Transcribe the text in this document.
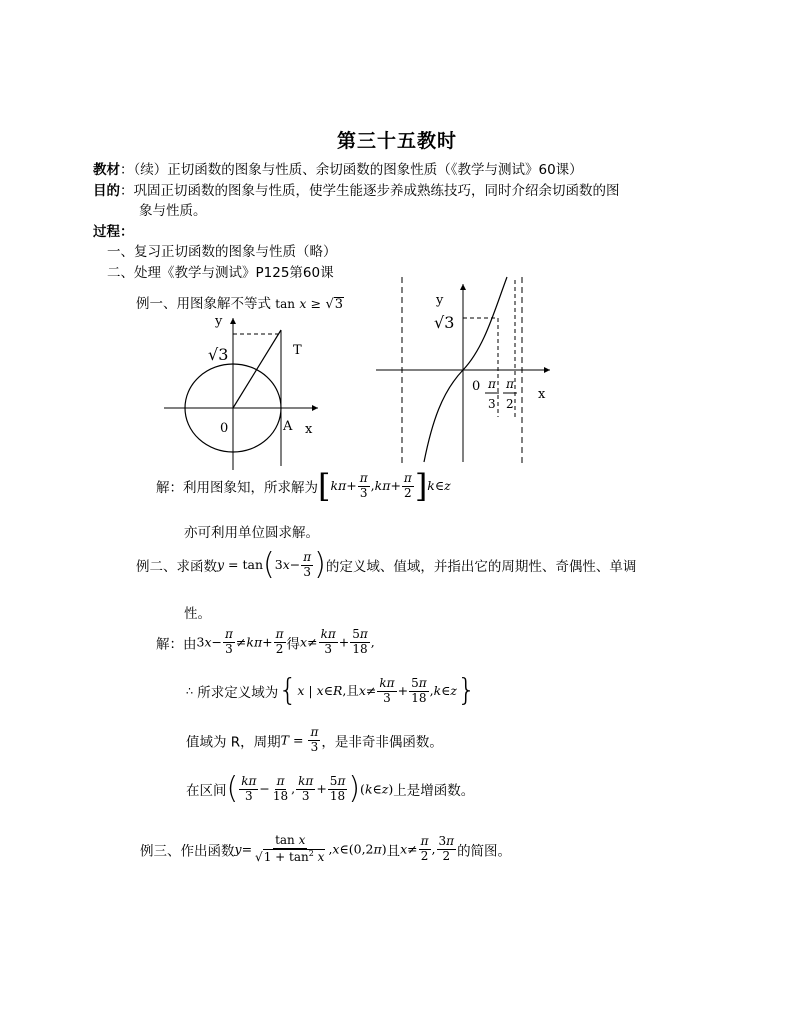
第三十五教时
教材：（续）正切函数的图象与性质、余切函数的图象性质（《教学与测试》60课）
目的：巩固正切函数的图象与性质，使学生能逐步养成熟练技巧，同时介绍余切函数的图
象与性质。
过程：
一、复习正切函数的图象与性质（略）
二、处理《教学与测试》P125第60课
例一、用图象解不等式 tan x ≥ √3
y
√3	T
0	A x
y
√3
0 π
3
π
2
x
解：利用图象知，所求解为[$k\pi+ \frac{\pi}{3} ,k\pi+ \frac{\pi}{2}$ ]k∈z
亦可利用单位圆求解。
例二、求函数$y = \tan(3x- \frac{\pi}{3}$ )的定义域、值域，并指出它的周期性、奇偶性、单调
性。
解：由$3x- \frac{\pi}{3} \ne k\pi+ \frac{\pi}{2}$ 得$x\ne \frac{k\pi}{3} + \frac{5\pi}{18}$ ,
∴ 所求定义域为{x | x∈R,且$x\ne \frac{k\pi}{3} + \frac{5\pi}{18}$ ,k∈z}
值域为 R，周期$T = \frac{\pi}{3}$ ，是非奇非偶函数。
在区间( $\frac{k\pi}{3} - \frac{\pi}{18}$ , $\frac{k\pi}{3} + \frac{5\pi}{18}$ )(k∈z)上是增函数。
例三、作出函数$y= \frac{\text{tan x}}{√1 + \tan^2 x}$ ,x∈(0,2π)且$x\ne \frac{\pi}{2}$ , $\frac{3\pi}{2}$ 的简图。
